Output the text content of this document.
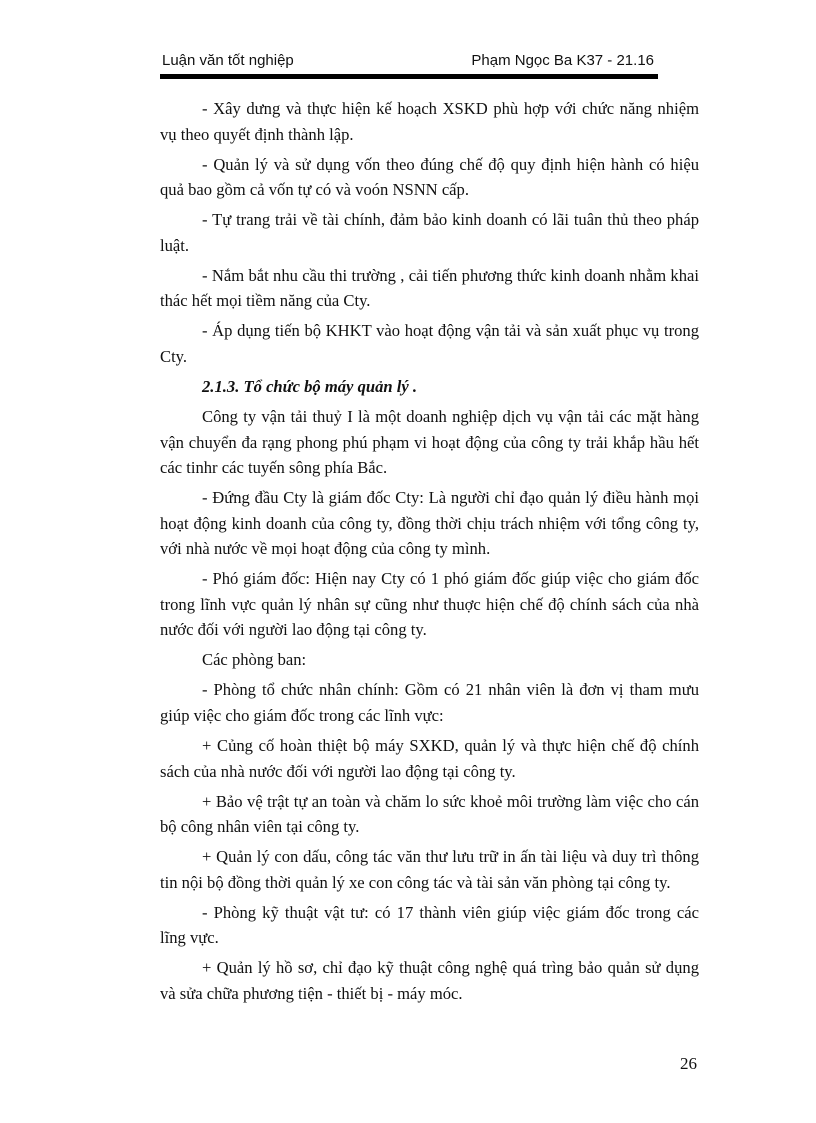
Luận văn tốt nghiệp	Phạm Ngọc Ba K37 - 21.16

- Xây dưng và thực hiện kế hoạch XSKD phù hợp với chức năng nhiệm vụ theo quyết định thành lập.

- Quản lý và sử dụng vốn theo đúng chế độ quy định hiện hành có hiệu quả bao gồm cả vốn tự có và voón NSNN cấp.

- Tự trang trải về tài chính, đảm bảo kinh doanh có lãi tuân thủ theo pháp luật.

- Nắm bắt nhu cầu thi trường , cải tiến phương thức kinh doanh nhằm khai thác hết mọi tiềm năng của Cty.

- Áp dụng tiến bộ KHKT vào hoạt động vận tải và sản xuất phục vụ trong Cty.

2.1.3. Tổ chức bộ máy quản lý .

Công ty vận tải thuỷ I là một doanh nghiệp dịch vụ vận tải các mặt hàng vận chuyển đa rạng phong phú phạm vi hoạt động của công ty trải khắp hầu hết các tinhr các tuyến sông phía Bắc.

- Đứng đầu Cty là giám đốc Cty: Là người chỉ đạo quản lý điều hành mọi hoạt động kinh doanh của công ty, đồng thời chịu trách nhiệm với tổng công ty, với nhà nước về mọi hoạt động của công ty mình.

- Phó giám đốc: Hiện nay Cty có 1 phó giám đốc giúp việc cho giám đốc trong lĩnh vực quản lý nhân sự cũng như thuợc hiện chế độ chính sách của nhà nước đối với người lao động tại công ty.

Các phòng ban:

- Phòng tổ chức nhân chính: Gồm có 21 nhân viên là đơn vị tham mưu giúp việc cho giám đốc trong các lĩnh vực:

+ Củng cố hoàn thiệt bộ máy SXKD, quản lý và thực hiện chế độ chính sách của nhà nước đối với người lao động tại công ty.

+ Bảo vệ trật tự an toàn và chăm lo sức khoẻ môi trường làm việc cho cán bộ công nhân viên tại công ty.

+ Quản lý con dấu, công tác văn thư lưu trữ in ấn tài liệu và duy trì thông tin nội bộ đồng thời quản lý xe con công tác và tài sản văn phòng tại công ty.

- Phòng kỹ thuật vật tư: có 17 thành viên giúp việc giám đốc trong các lĩng vực.

+ Quản lý hồ sơ, chỉ đạo kỹ thuật công nghệ quá trìng bảo quản sử dụng và sửa chữa phương tiện - thiết bị - máy móc.

26
